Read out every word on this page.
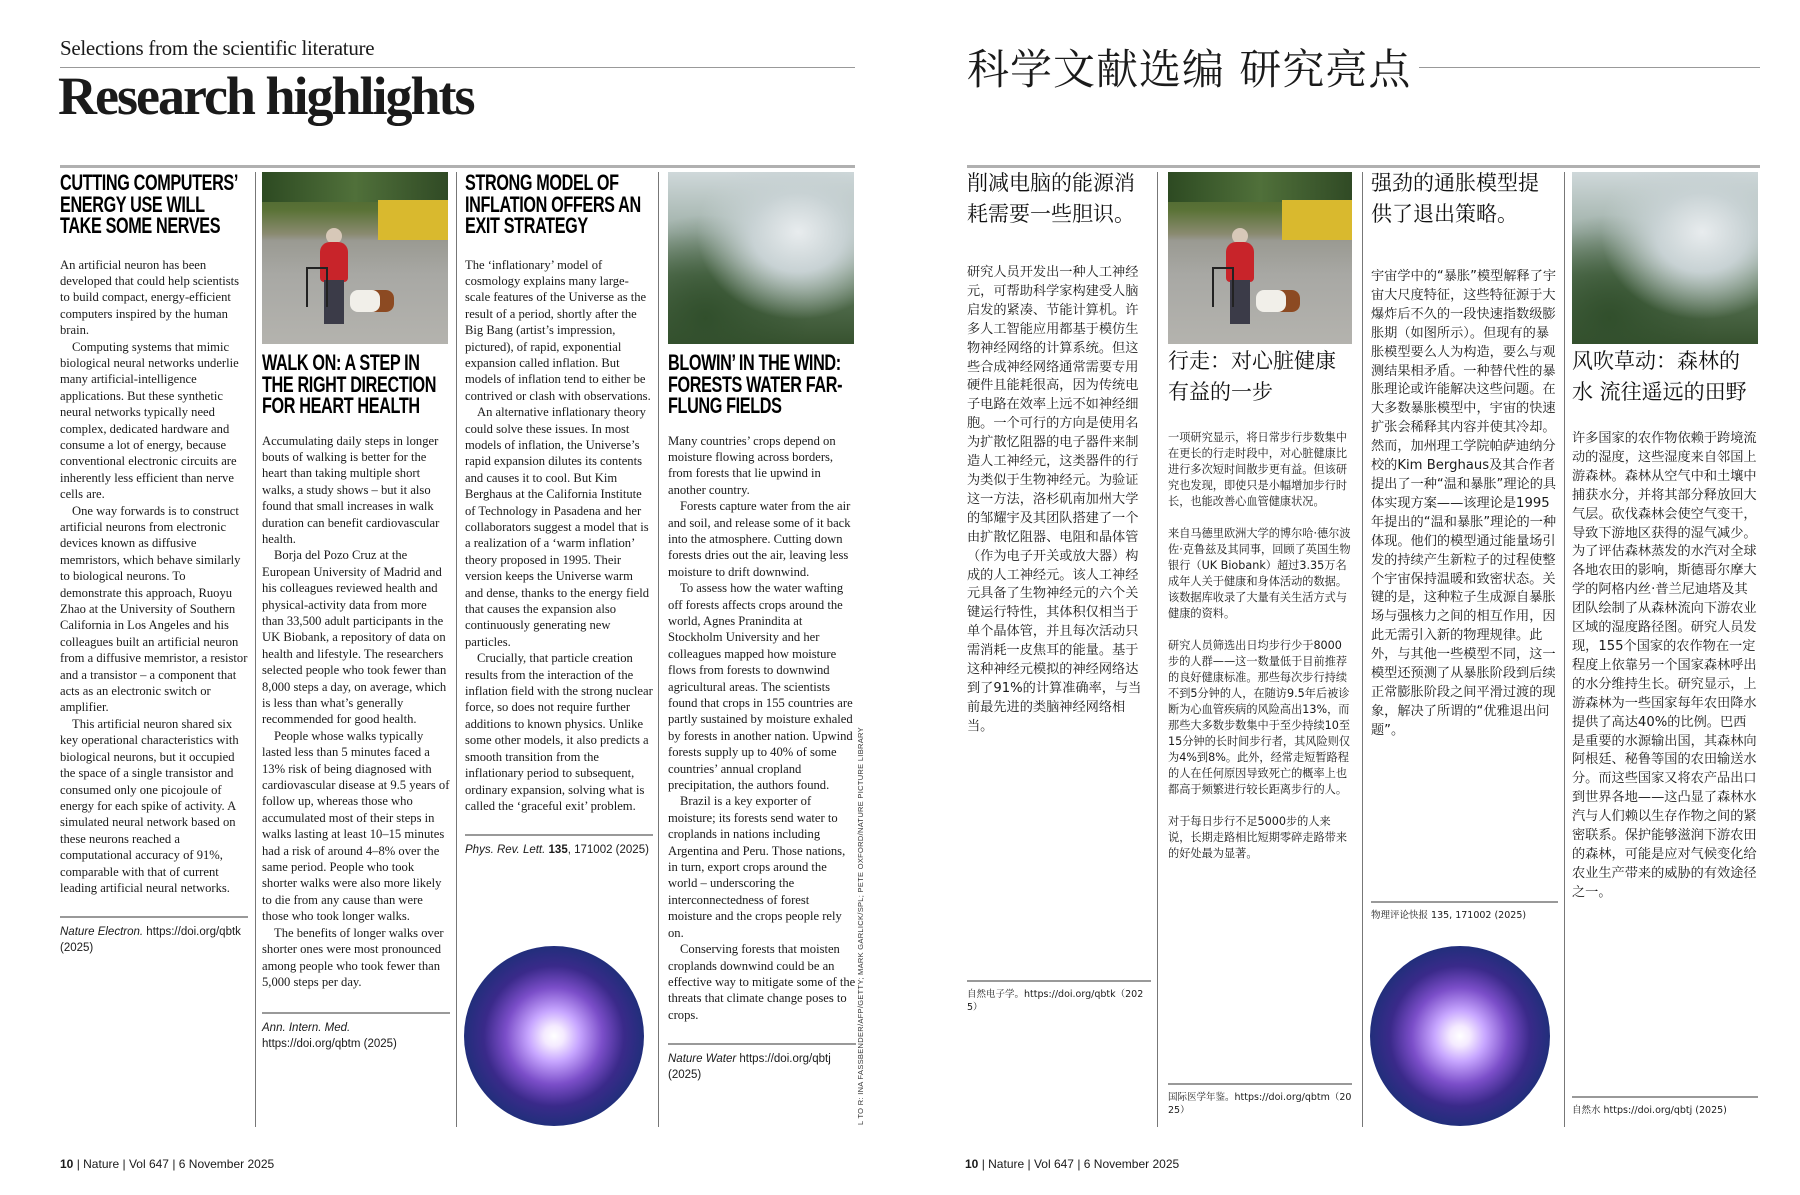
Selections from the scientific literature
Research highlights
CUTTING COMPUTERS’ ENERGY USE WILL TAKE SOME NERVES

An artificial neuron has been developed that could help scientists to build compact, energy-efficient computers inspired by the human brain.

Computing systems that mimic biological neural networks underlie many artificial-intelligence applications. But these synthetic neural networks typically need complex, dedicated hardware and consume a lot of energy, because conventional electronic circuits are inherently less efficient than nerve cells are.

One way forwards is to construct artificial neurons from electronic devices known as diffusive memristors, which behave similarly to biological neurons. To demonstrate this approach, Ruoyu Zhao at the University of Southern California in Los Angeles and his colleagues built an artificial neuron from a diffusive memristor, a resistor and a transistor – a component that acts as an electronic switch or amplifier.

This artificial neuron shared six key operational characteristics with biological neurons, but it occupied the space of a single transistor and consumed only one picojoule of energy for each spike of activity. A simulated neural network based on these neurons reached a computational accuracy of 91%, comparable with that of current leading artificial neural networks.

Nature Electron. https://doi.org/qbtk (2025)
WALK ON: A STEP IN THE RIGHT DIRECTION FOR HEART HEALTH

Accumulating daily steps in longer bouts of walking is better for the heart than taking multiple short walks, a study shows – but it also found that small increases in walk duration can benefit cardiovascular health.

Borja del Pozo Cruz at the European University of Madrid and his colleagues reviewed health and physical-activity data from more than 33,500 adult participants in the UK Biobank, a repository of data on health and lifestyle. The researchers selected people who took fewer than 8,000 steps a day, on average, which is less than what’s generally recommended for good health.

People whose walks typically lasted less than 5 minutes faced a 13% risk of being diagnosed with cardiovascular disease at 9.5 years of follow up, whereas those who accumulated most of their steps in walks lasting at least 10–15 minutes had a risk of around 4–8% over the same period. People who took shorter walks were also more likely to die from any cause than were those who took longer walks.

The benefits of longer walks over shorter ones were most pronounced among people who took fewer than 5,000 steps per day.

Ann. Intern. Med. https://doi.org/qbtm (2025)
STRONG MODEL OF INFLATION OFFERS AN EXIT STRATEGY

The ‘inflationary’ model of cosmology explains many large-scale features of the Universe as the result of a period, shortly after the Big Bang (artist’s impression, pictured), of rapid, exponential expansion called inflation. But models of inflation tend to either be contrived or clash with observations.

An alternative inflationary theory could solve these issues. In most models of inflation, the Universe’s rapid expansion dilutes its contents and causes it to cool. But Kim Berghaus at the California Institute of Technology in Pasadena and her collaborators suggest a model that is a realization of a ‘warm inflation’ theory proposed in 1995. Their version keeps the Universe warm and dense, thanks to the energy field that causes the expansion also continuously generating new particles.

Crucially, that particle creation results from the interaction of the inflation field with the strong nuclear force, so does not require further additions to known physics. Unlike some other models, it also predicts a smooth transition from the inflationary period to subsequent, ordinary expansion, solving what is called the ‘graceful exit’ problem.

Phys. Rev. Lett. 135, 171002 (2025)
BLOWIN’ IN THE WIND: FORESTS WATER FAR-FLUNG FIELDS

Many countries’ crops depend on moisture flowing across borders, from forests that lie upwind in another country.

Forests capture water from the air and soil, and release some of it back into the atmosphere. Cutting down forests dries out the air, leaving less moisture to drift downwind.

To assess how the water wafting off forests affects crops around the world, Agnes Pranindita at Stockholm University and her colleagues mapped how moisture flows from forests to downwind agricultural areas. The scientists found that crops in 155 countries are partly sustained by moisture exhaled by forests in another nation. Upwind forests supply up to 40% of some countries’ annual cropland precipitation, the authors found.

Brazil is a key exporter of moisture; its forests send water to croplands in nations including Argentina and Peru. Those nations, in turn, export crops around the world – underscoring the interconnectedness of forest moisture and the crops people rely on.

Conserving forests that moisten croplands downwind could be an effective way to mitigate some of the threats that climate change poses to crops.

Nature Water https://doi.org/qbtj (2025)	L TO R: INA FASSBENDER/AFP/GETTY; MARK GARLICK/SPL; PETE OXFORD/NATURE PICTURE LIBRARY
10 | Nature | Vol 647 | 6 November 2025
科学文献选编 研究亮点
削减电脑的能源消耗需要一些胆识。

研究人员开发出一种人工神经元，可帮助科学家构建受人脑启发的紧凑、节能计算机。许多人工智能应用都基于模仿生物神经网络的计算系统。但这些合成神经网络通常需要专用硬件且能耗很高，因为传统电子电路在效率上远不如神经细胞。一个可行的方向是使用名为扩散忆阻器的电子器件来制造人工神经元，这类器件的行为类似于生物神经元。为验证这一方法，洛杉矶南加州大学的邹耀宇及其团队搭建了一个由扩散忆阻器、电阻和晶体管（作为电子开关或放大器）构成的人工神经元。该人工神经元具备了生物神经元的六个关键运行特性，其体积仅相当于单个晶体管，并且每次活动只需消耗一皮焦耳的能量。基于这种神经元模拟的神经网络达到了91%的计算准确率，与当前最先进的类脑神经网络相当。

自然电子学。https://doi.org/qbtk（2025）
行走：对心脏健康有益的一步

一项研究显示，将日常步行步数集中在更长的行走时段中，对心脏健康比进行多次短时间散步更有益。但该研究也发现，即使只是小幅增加步行时长，也能改善心血管健康状况。

来自马德里欧洲大学的博尔哈·德尔波佐·克鲁兹及其同事，回顾了英国生物银行（UK Biobank）超过3.35万名成年人关于健康和身体活动的数据。该数据库收录了大量有关生活方式与健康的资料。

研究人员筛选出日均步行少于8000步的人群——这一数量低于目前推荐的良好健康标准。那些每次步行持续不到5分钟的人，在随访9.5年后被诊断为心血管疾病的风险高出13%，而那些大多数步数集中于至少持续10至15分钟的长时间步行者，其风险则仅为4%到8%。此外，经常走短暂路程的人在任何原因导致死亡的概率上也都高于频繁进行较长距离步行的人。

对于每日步行不足5000步的人来说，长期走路相比短期零碎走路带来的好处最为显著。

国际医学年鉴。https://doi.org/qbtm（2025）
强劲的通胀模型提供了退出策略。

宇宙学中的“暴胀”模型解释了宇宙大尺度特征，这些特征源于大爆炸后不久的一段快速指数级膨胀期（如图所示）。但现有的暴胀模型要么人为构造，要么与观测结果相矛盾。一种替代性的暴胀理论或许能解决这些问题。在大多数暴胀模型中，宇宙的快速扩张会稀释其内容并使其冷却。然而，加州理工学院帕萨迪纳分校的Kim Berghaus及其合作者提出了一种“温和暴胀”理论的具体实现方案——该理论是1995年提出的“温和暴胀”理论的一种体现。他们的模型通过能量场引发的持续产生新粒子的过程使整个宇宙保持温暖和致密状态。关键的是，这种粒子生成源自暴胀场与强核力之间的相互作用，因此无需引入新的物理规律。此外，与其他一些模型不同，这一模型还预测了从暴胀阶段到后续正常膨胀阶段之间平滑过渡的现象，解决了所谓的“优雅退出问题”。

物理评论快报 135, 171002 (2025)
风吹草动：森林的水 流往遥远的田野

许多国家的农作物依赖于跨境流动的湿度，这些湿度来自邻国上游森林。森林从空气中和土壤中捕获水分，并将其部分释放回大气层。砍伐森林会使空气变干，导致下游地区获得的湿气减少。为了评估森林蒸发的水汽对全球各地农田的影响，斯德哥尔摩大学的阿格内丝·普兰尼迪塔及其团队绘制了从森林流向下游农业区域的湿度路径图。研究人员发现，155个国家的农作物在一定程度上依靠另一个国家森林呼出的水分维持生长。研究显示，上游森林为一些国家每年农田降水提供了高达40%的比例。巴西是重要的水源输出国，其森林向阿根廷、秘鲁等国的农田输送水分。而这些国家又将农产品出口到世界各地——这凸显了森林水汽与人们赖以生存作物之间的紧密联系。保护能够滋润下游农田的森林，可能是应对气候变化给农业生产带来的威胁的有效途径之一。

自然水 https://doi.org/qbtj (2025)
10 | Nature | Vol 647 | 6 November 2025
